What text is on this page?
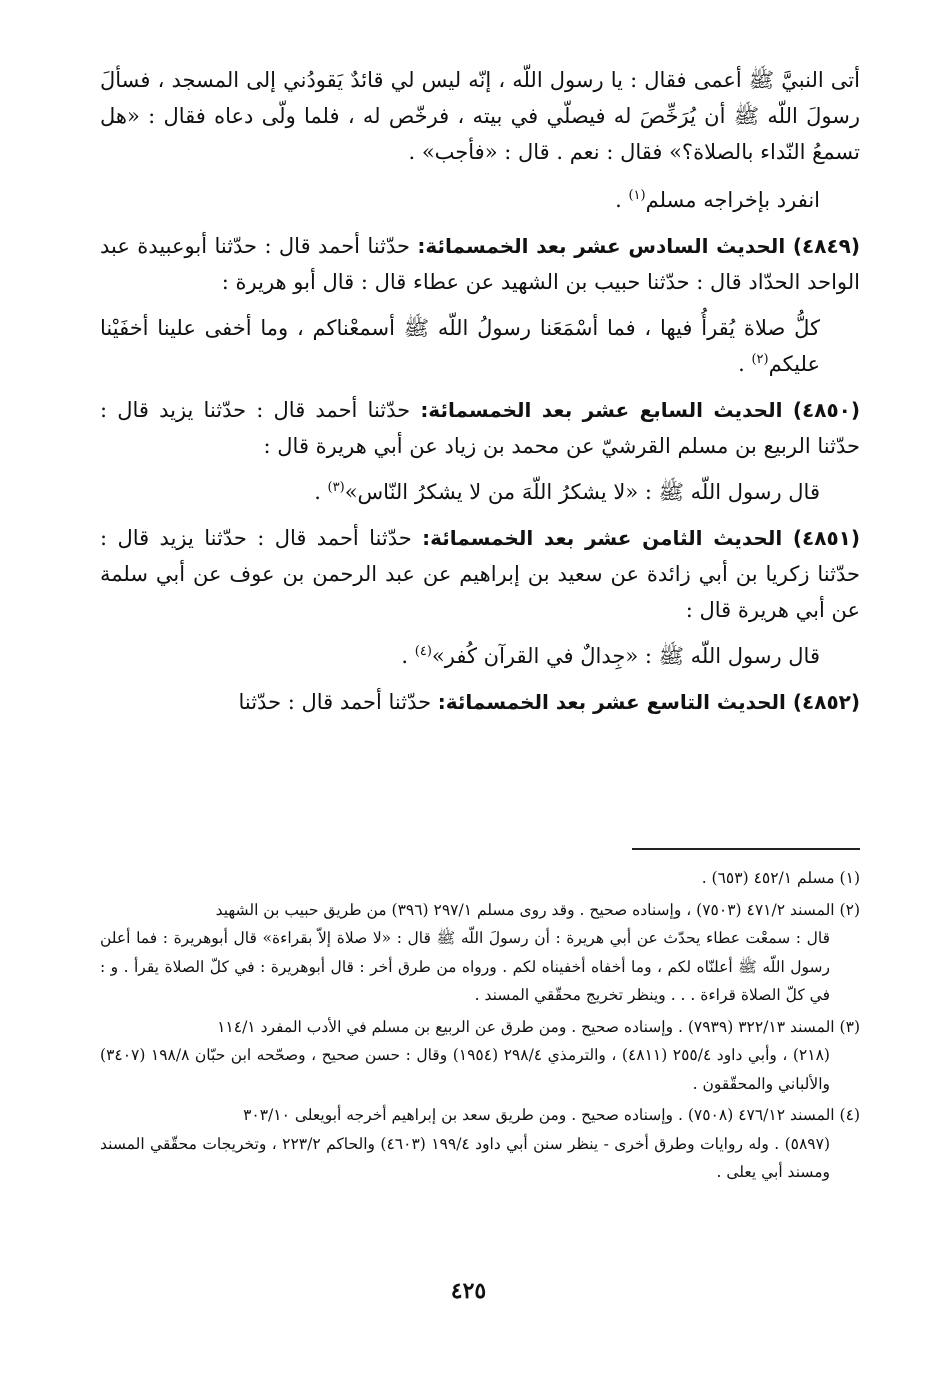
أتى النبيَّ ﷺ أعمى فقال : يا رسول اللّه ، إنّه ليس لي قائدٌ يَقودُني إلى المسجد ، فسألَ رسولَ اللّه ﷺ أن يُرَخِّصَ له فيصلّي في بيته ، فرخّص له ، فلما ولّى دعاه فقال : «هل تسمعُ النّداء بالصلاة؟» فقال : نعم . قال : «فأجب» .

انفرد بإخراجه مسلم$^{(١)}$ .

(٤٨٤٩) الحديث السادس عشر بعد الخمسمائة: حدّثنا أحمد قال : حدّثنا أبوعبيدة عبد الواحد الحدّاد قال : حدّثنا حبيب بن الشهيد عن عطاء قال : قال أبو هريرة :

كلُّ صلاة يُقرأُ فيها ، فما أسْمَعَنا رسولُ اللّه ﷺ أسمعْناكم ، وما أخفى علينا أخفَيْنا عليكم$^{(٢)}$ .

(٤٨٥٠) الحديث السابع عشر بعد الخمسمائة: حدّثنا أحمد قال : حدّثنا يزيد قال : حدّثنا الربيع بن مسلم القرشيّ عن محمد بن زياد عن أبي هريرة قال :

قال رسول اللّه ﷺ : «لا يشكرُ اللّهَ من لا يشكرُ النّاس»$^{(٣)}$ .

(٤٨٥١) الحديث الثامن عشر بعد الخمسمائة: حدّثنا أحمد قال : حدّثنا يزيد قال : حدّثنا زكريا بن أبي زائدة عن سعيد بن إبراهيم عن عبد الرحمن بن عوف عن أبي سلمة عن أبي هريرة قال :

قال رسول اللّه ﷺ : «جِدالٌ في القرآن كُفر»$^{(٤)}$ .

(٤٨٥٢) الحديث التاسع عشر بعد الخمسمائة: حدّثنا أحمد قال : حدّثنا

(١) مسلم ٤٥٢/١ (٦٥٣) .

(٢) المسند ٤٧١/٢ (٧٥٠٣) ، وإسناده صحيح . وقد روى مسلم ٢٩٧/١ (٣٩٦) من طريق حبيب بن الشهيد

قال : سمعْت عطاء يحدّث عن أبي هريرة : أن رسولَ اللّه ﷺ قال : «لا صلاة إلاّ بقراءة» قال أبوهريرة : فما أعلن رسول اللّه ﷺ أعلنّاه لكم ، وما أخفاه أخفيناه لكم . ورواه من طرق أخر : قال أبوهريرة : في كلّ الصلاة يقرأ . و : في كلّ الصلاة قراءة . . . وينظر تخريج محقّقي المسند .

(٣) المسند ٣٢٢/١٣ (٧٩٣٩) . وإسناده صحيح . ومن طرق عن الربيع بن مسلم في الأدب المفرد ١١٤/١

(٢١٨) ، وأبي داود ٢٥٥/٤ (٤٨١١) ، والترمذي ٢٩٨/٤ (١٩٥٤) وقال : حسن صحيح ، وصحّحه ابن حبّان ١٩٨/٨ (٣٤٠٧) والألباني والمحقّقون .

(٤) المسند ٤٧٦/١٢ (٧٥٠٨) . وإسناده صحيح . ومن طريق سعد بن إبراهيم أخرجه أبويعلى ٣٠٣/١٠

(٥٨٩٧) . وله روايات وطرق أخرى - ينظر سنن أبي داود ١٩٩/٤ (٤٦٠٣) والحاكم ٢٢٣/٢ ، وتخريجات محقّقي المسند ومسند أبي يعلى .

٤٢٥
